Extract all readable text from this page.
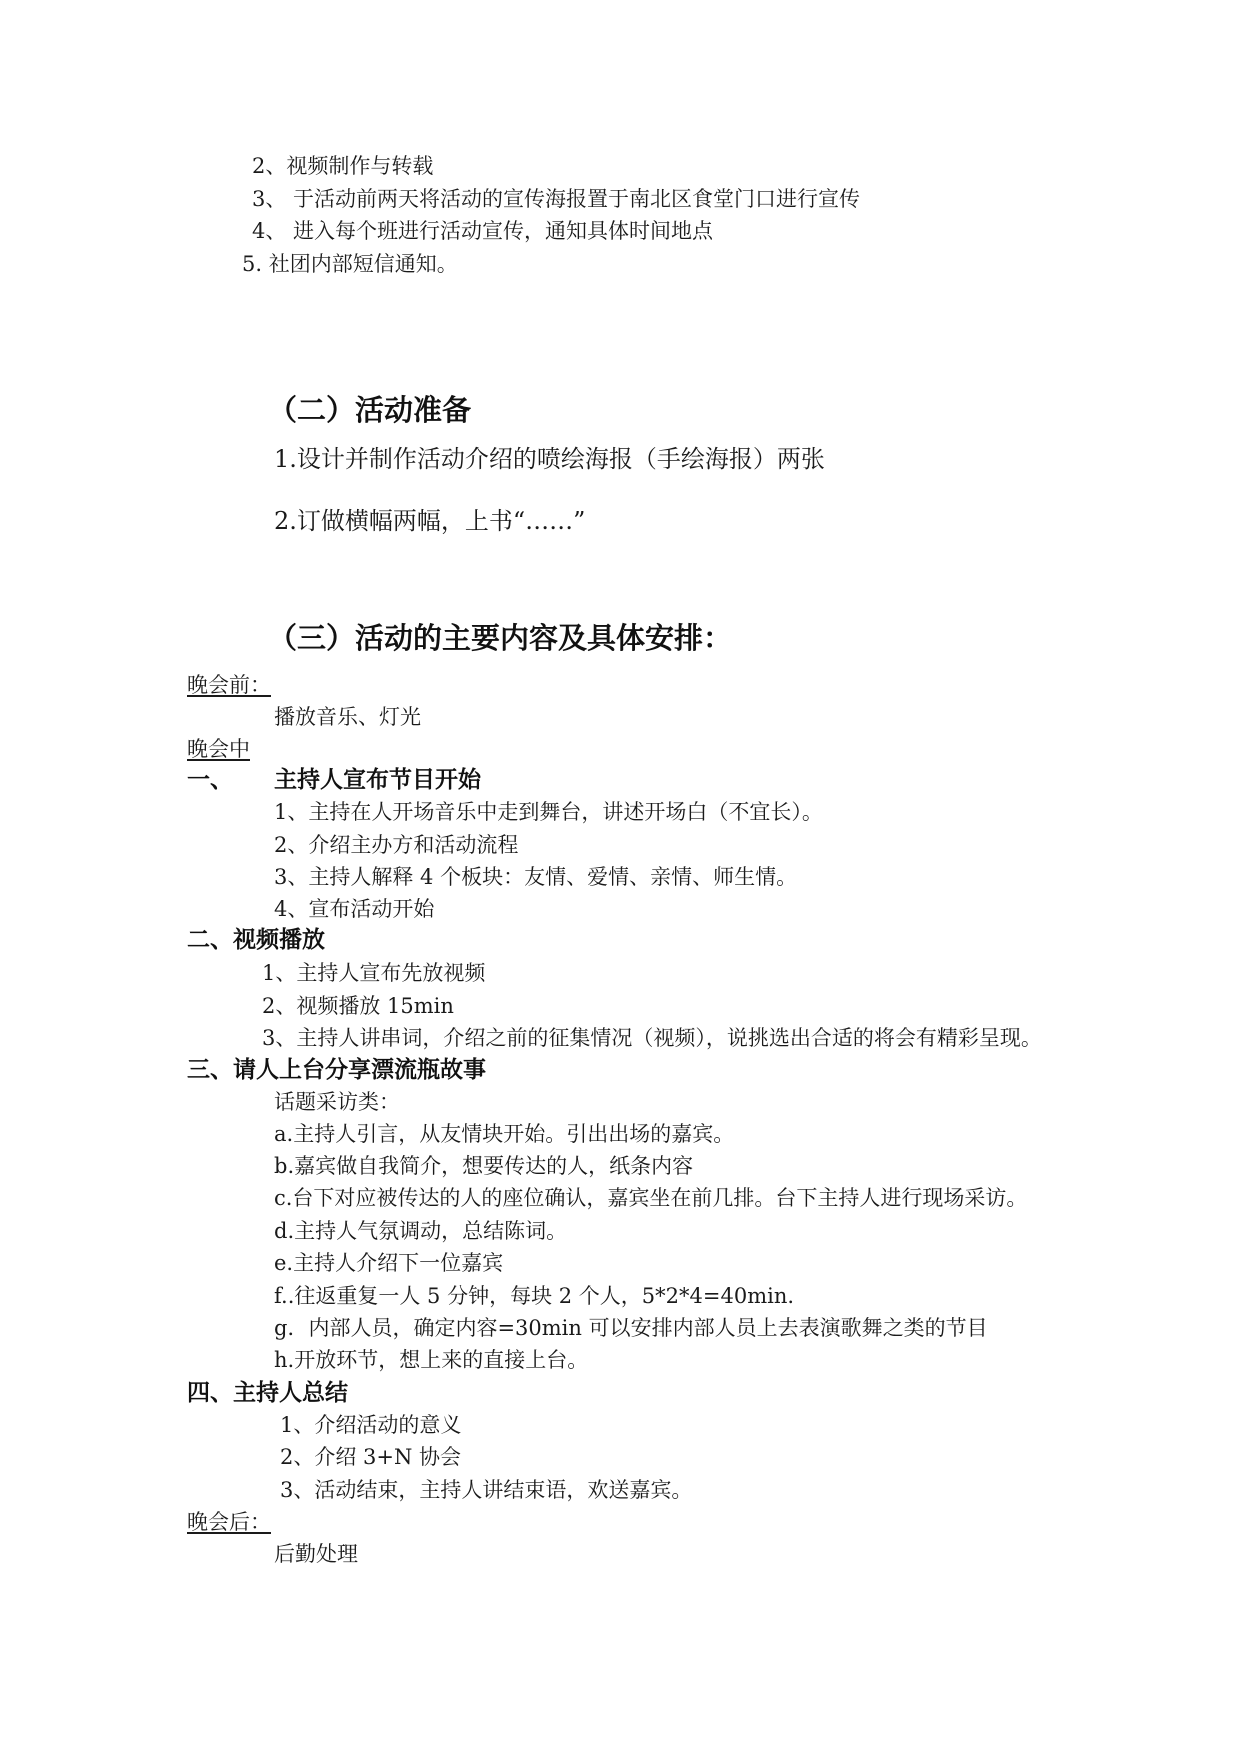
2、视频制作与转载
3、 于活动前两天将活动的宣传海报置于南北区食堂门口进行宣传
4、 进入每个班进行活动宣传，通知具体时间地点
5. 社团内部短信通知。
（二）活动准备
1.设计并制作活动介绍的喷绘海报（手绘海报）两张
2.订做横幅两幅，上书“……”
（三）活动的主要内容及具体安排：
晚会前：
播放音乐、灯光
晚会中
一、 主持人宣布节目开始
1、主持在人开场音乐中走到舞台，讲述开场白（不宜长）。
2、介绍主办方和活动流程
3、主持人解释 4 个板块：友情、爱情、亲情、师生情。
4、宣布活动开始
二、视频播放
1、主持人宣布先放视频
2、视频播放 15min
3、主持人讲串词，介绍之前的征集情况（视频），说挑选出合适的将会有精彩呈现。
三、请人上台分享漂流瓶故事
话题采访类：
a.主持人引言，从友情块开始。引出出场的嘉宾。
b.嘉宾做自我简介，想要传达的人，纸条内容
c.台下对应被传达的人的座位确认，嘉宾坐在前几排。台下主持人进行现场采访。
d.主持人气氛调动，总结陈词。
e.主持人介绍下一位嘉宾
f..往返重复一人 5 分钟，每块 2 个人，5*2*4=40min.
g．内部人员，确定内容=30min 可以安排内部人员上去表演歌舞之类的节目
h.开放环节，想上来的直接上台。
四、主持人总结
1、介绍活动的意义
2、介绍 3+N 协会
3、活动结束，主持人讲结束语，欢送嘉宾。
晚会后：
后勤处理
